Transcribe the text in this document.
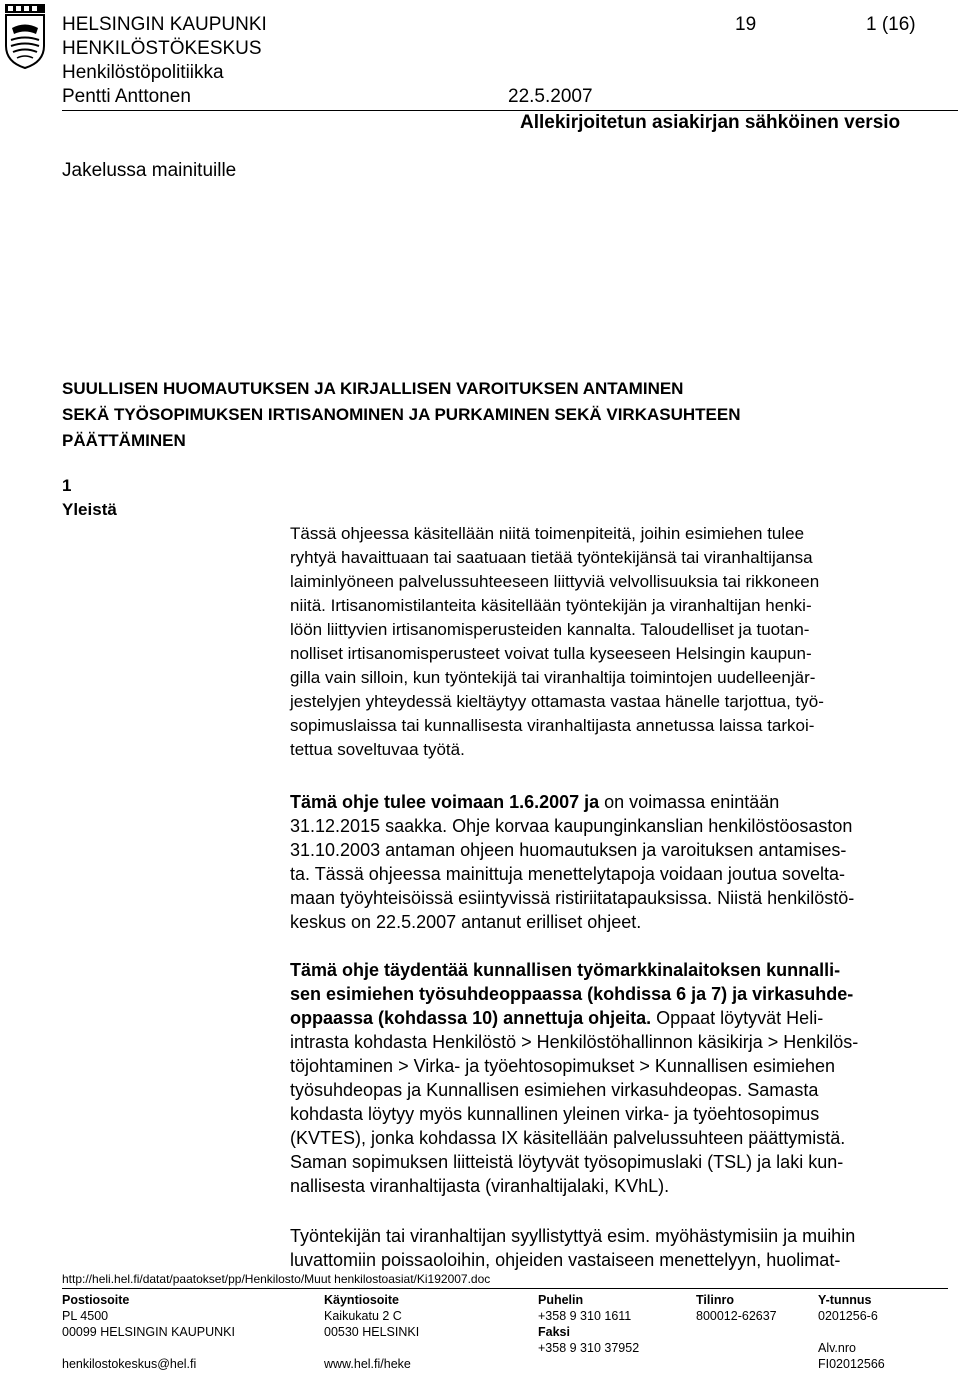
HELSINGIN KAUPUNKI
HENKILÖSTÖKESKUS
Henkilöstöpolitiikka
Pentti Anttonen
19	1 (16)
22.5.2007
Allekirjoitetun asiakirjan sähköinen versio
Jakelussa mainituille
SUULLISEN HUOMAUTUKSEN JA KIRJALLISEN VAROITUKSEN ANTAMINEN
SEKÄ TYÖSOPIMUKSEN IRTISANOMINEN JA PURKAMINEN SEKÄ VIRKASUHTEEN
PÄÄTTÄMINEN
1
Yleistä
Tässä ohjeessa käsitellään niitä toimenpiteitä, joihin esimiehen tulee
ryhtyä havaittuaan tai saatuaan tietää työntekijänsä tai viranhaltijansa
laiminlyöneen palvelussuhteeseen liittyviä velvollisuuksia tai rikkoneen
niitä. Irtisanomistilanteita käsitellään työntekijän ja viranhaltijan henki-
löön liittyvien irtisanomisperusteiden kannalta. Taloudelliset ja tuotan-
nolliset irtisanomisperusteet voivat tulla kyseeseen Helsingin kaupun-
gilla vain silloin, kun työntekijä tai viranhaltija toimintojen uudelleenjär-
jestelyjen yhteydessä kieltäytyy ottamasta vastaa hänelle tarjottua, työ-
sopimuslaissa tai kunnallisesta viranhaltijasta annetussa laissa tarkoi-
tettua soveltuvaa työtä.
Tämä ohje tulee voimaan 1.6.2007 ja on voimassa enintään
31.12.2015 saakka. Ohje korvaa kaupunginkanslian henkilöstöosaston
31.10.2003 antaman ohjeen huomautuksen ja varoituksen antamises-
ta. Tässä ohjeessa mainittuja menettelytapoja voidaan joutua soveltа-
maan työyhteisöissä esiintyvissä ristiriitatapauksissa. Niistä henkilöstö-
keskus on 22.5.2007 antanut erilliset ohjeet.
Tämä ohje täydentää kunnallisen työmarkkinalaitoksen kunnalli-
sen esimiehen työsuhdeoppaassa (kohdissa 6 ja 7) ja virkasuhde-
oppaassa (kohdassa 10) annettuja ohjeita. Oppaat löytyvät Heli-
intrasta kohdasta Henkilöstö > Henkilöstöhallinnon käsikirja > Henkilös-
töjohtaminen > Virka- ja työehtosopimukset > Kunnallisen esimiehen
työsuhdeopas ja Kunnallisen esimiehen virkasuhdeopas. Samasta
kohdasta löytyy myös kunnallinen yleinen virka- ja työehtosopimus
(KVTES), jonka kohdassa IX käsitellään palvelussuhteen päättymistä.
Saman sopimuksen liitteistä löytyvät työsopimuslaki (TSL) ja laki kun-
nallisesta viranhaltijasta (viranhaltijalaki, KVhL).
Työntekijän tai viranhaltijan syyllistyttyä esim. myöhästymisiin ja muihin
luvattomiin poissaoloihin, ohjeiden vastaiseen menettelyyn, huolimat-
http://heli.hel.fi/datat/paatokset/pp/Henkilosto/Muut henkilostoasiat/Ki192007.doc
Postiosoite
PL 4500
00099 HELSINGIN KAUPUNKI
henkilostokeskus@hel.fi
Käyntiosoite
Kaikukatu 2 C
00530 HELSINKI
www.hel.fi/heke
Puhelin
+358 9 310 1611
Faksi
+358 9 310 37952
Tilinro
800012-62637
Y-tunnus
0201256-6
Alv.nro
FI02012566
